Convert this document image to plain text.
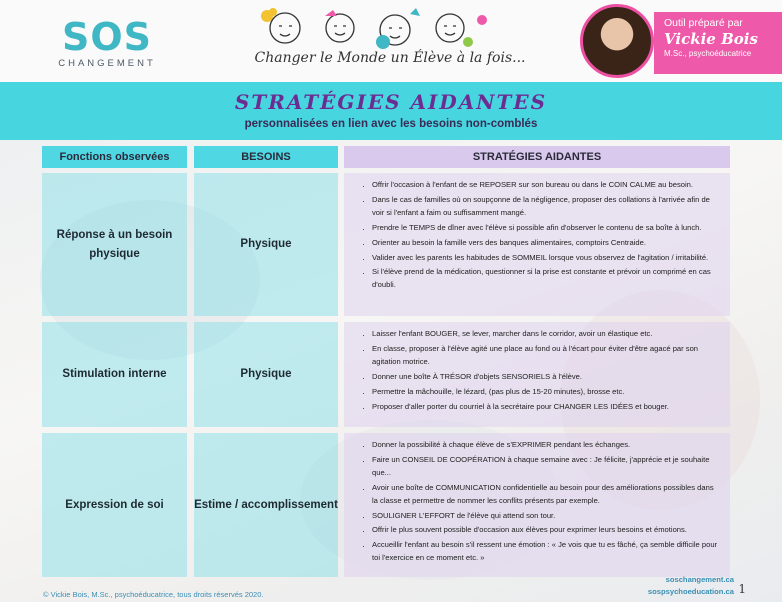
SOS
CHANGEMENT	Changer le Monde un Élève à la fois...
Outil préparé par
Vickie Bois
M.Sc., psychoéducatrice
STRATÉGIES AIDANTES
personnalisées en lien avec les besoins non-comblés
Fonctions observées	BESOINS	STRATÉGIES AIDANTES
Réponse à un besoin physique
Physique
• Offrir l'occasion à l'enfant de se REPOSER sur son bureau ou dans le COIN CALME au besoin.
• Dans le cas de familles où on soupçonne de la négligence, proposer des collations à l'arrivée afin de voir si l'enfant a faim ou suffisamment mangé.
• Prendre le TEMPS de dîner avec l'élève si possible afin d'observer le contenu de sa boîte à lunch.
• Orienter au besoin la famille vers des banques alimentaires, comptoirs Centraide.
• Valider avec les parents les habitudes de SOMMEIL lorsque vous observez de l'agitation / irritabilité.
• Si l'élève prend de la médication, questionner si la prise est constante et prévoir un comprimé en cas d'oubli.
Stimulation interne	Physique
• Laisser l'enfant BOUGER, se lever, marcher dans le corridor, avoir un élastique etc.
• En classe, proposer à l'élève agité une place au fond ou à l'écart pour éviter d'être agacé par son agitation motrice.
• Donner une boîte À TRÉSOR d'objets SENSORIELS à l'élève.
• Permettre la mâchouille, le lézard, (pas plus de 15-20 minutes), brosse etc.
• Proposer d'aller porter du courriel à la secrétaire pour CHANGER LES IDÉES et bouger.
Expression de soi	Estime / accomplissement
• Donner la possibilité à chaque élève de s'EXPRIMER pendant les échanges.
• Faire un CONSEIL DE COOPÉRATION à chaque semaine avec : Je félicite, j'apprécie et je souhaite que...
• Avoir une boîte de COMMUNICATION confidentielle au besoin pour des améliorations possibles dans la classe et permettre de nommer les conflits présents par exemple.
• SOULIGNER L'EFFORT de l'élève qui attend son tour.
• Offrir le plus souvent possible d'occasion aux élèves pour exprimer leurs besoins et émotions.
• Accueillir l'enfant au besoin s'il ressent une émotion : « Je vois que tu es fâché, ça semble difficile pour toi l'exercice en ce moment etc. »
© Vickie Bois, M.Sc., psychoéducatrice, tous droits réservés 2020.
soschangement.ca
sospsychoeducation.ca 1
